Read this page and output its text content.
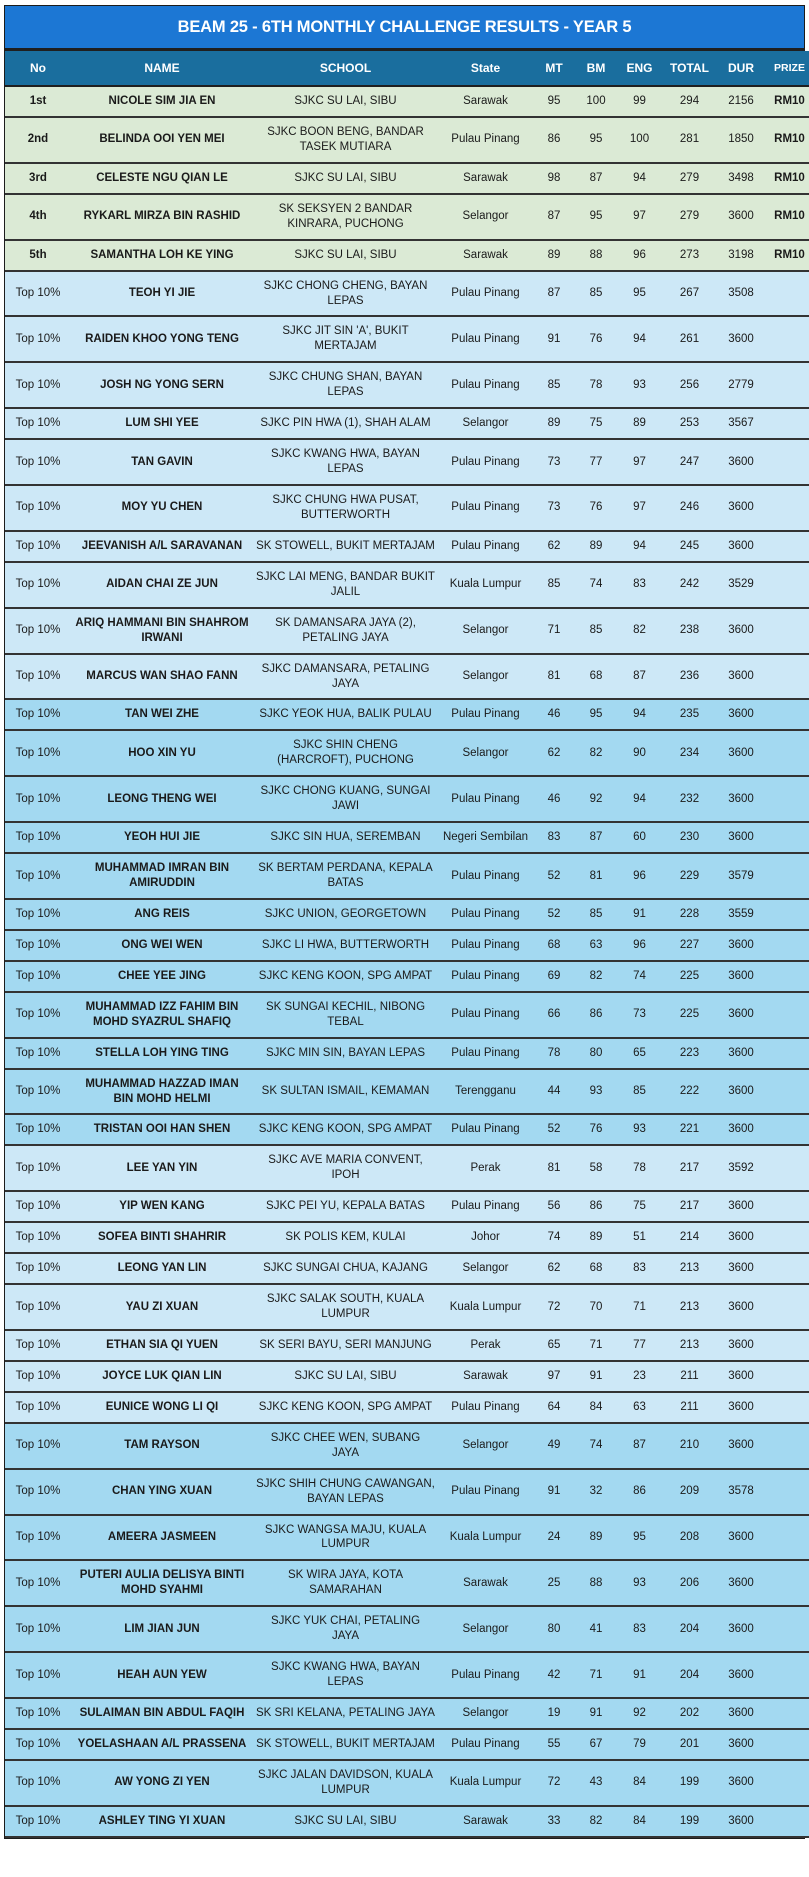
BEAM 25 - 6TH MONTHLY CHALLENGE RESULTS - YEAR 5
No	NAME	SCHOOL	State	MT	BM	ENG	TOTAL	DUR	PRIZE
1st	NICOLE SIM JIA EN	SJKC SU LAI, SIBU	Sarawak	95	100	99	294	2156	RM10
2nd	BELINDA OOI YEN MEI	SJKC BOON BENG, BANDAR TASEK MUTIARA	Pulau Pinang	86	95	100	281	1850	RM10
3rd	CELESTE NGU QIAN LE	SJKC SU LAI, SIBU	Sarawak	98	87	94	279	3498	RM10
4th	RYKARL MIRZA BIN RASHID	SK SEKSYEN 2 BANDAR KINRARA, PUCHONG	Selangor	87	95	97	279	3600	RM10
5th	SAMANTHA LOH KE YING	SJKC SU LAI, SIBU	Sarawak	89	88	96	273	3198	RM10
Top 10%	TEOH YI JIE	SJKC CHONG CHENG, BAYAN LEPAS	Pulau Pinang	87	85	95	267	3508	
Top 10%	RAIDEN KHOO YONG TENG	SJKC JIT SIN 'A', BUKIT MERTAJAM	Pulau Pinang	91	76	94	261	3600	
Top 10%	JOSH NG YONG SERN	SJKC CHUNG SHAN, BAYAN LEPAS	Pulau Pinang	85	78	93	256	2779	
Top 10%	LUM SHI YEE	SJKC PIN HWA (1), SHAH ALAM	Selangor	89	75	89	253	3567	
Top 10%	TAN GAVIN	SJKC KWANG HWA, BAYAN LEPAS	Pulau Pinang	73	77	97	247	3600	
Top 10%	MOY YU CHEN	SJKC CHUNG HWA PUSAT, BUTTERWORTH	Pulau Pinang	73	76	97	246	3600	
Top 10%	JEEVANISH A/L SARAVANAN	SK STOWELL, BUKIT MERTAJAM	Pulau Pinang	62	89	94	245	3600	
Top 10%	AIDAN CHAI ZE JUN	SJKC LAI MENG, BANDAR BUKIT JALIL	Kuala Lumpur	85	74	83	242	3529	
Top 10%	ARIQ HAMMANI BIN SHAHROM IRWANI	SK DAMANSARA JAYA (2), PETALING JAYA	Selangor	71	85	82	238	3600	
Top 10%	MARCUS WAN SHAO FANN	SJKC DAMANSARA, PETALING JAYA	Selangor	81	68	87	236	3600	
Top 10%	TAN WEI ZHE	SJKC YEOK HUA, BALIK PULAU	Pulau Pinang	46	95	94	235	3600	
Top 10%	HOO XIN YU	SJKC SHIN CHENG (HARCROFT), PUCHONG	Selangor	62	82	90	234	3600	
Top 10%	LEONG THENG WEI	SJKC CHONG KUANG, SUNGAI JAWI	Pulau Pinang	46	92	94	232	3600	
Top 10%	YEOH HUI JIE	SJKC SIN HUA, SEREMBAN	Negeri Sembilan	83	87	60	230	3600	
Top 10%	MUHAMMAD IMRAN BIN AMIRUDDIN	SK BERTAM PERDANA, KEPALA BATAS	Pulau Pinang	52	81	96	229	3579	
Top 10%	ANG REIS	SJKC UNION, GEORGETOWN	Pulau Pinang	52	85	91	228	3559	
Top 10%	ONG WEI WEN	SJKC LI HWA, BUTTERWORTH	Pulau Pinang	68	63	96	227	3600	
Top 10%	CHEE YEE JING	SJKC KENG KOON, SPG AMPAT	Pulau Pinang	69	82	74	225	3600	
Top 10%	MUHAMMAD IZZ FAHIM BIN MOHD SYAZRUL SHAFIQ	SK SUNGAI KECHIL, NIBONG TEBAL	Pulau Pinang	66	86	73	225	3600	
Top 10%	STELLA LOH YING TING	SJKC MIN SIN, BAYAN LEPAS	Pulau Pinang	78	80	65	223	3600	
Top 10%	MUHAMMAD HAZZAD IMAN BIN MOHD HELMI	SK SULTAN ISMAIL, KEMAMAN	Terengganu	44	93	85	222	3600	
Top 10%	TRISTAN OOI HAN SHEN	SJKC KENG KOON, SPG AMPAT	Pulau Pinang	52	76	93	221	3600	
Top 10%	LEE YAN YIN	SJKC AVE MARIA CONVENT, IPOH	Perak	81	58	78	217	3592	
Top 10%	YIP WEN KANG	SJKC PEI YU, KEPALA BATAS	Pulau Pinang	56	86	75	217	3600	
Top 10%	SOFEA BINTI SHAHRIR	SK POLIS KEM, KULAI	Johor	74	89	51	214	3600	
Top 10%	LEONG YAN LIN	SJKC SUNGAI CHUA, KAJANG	Selangor	62	68	83	213	3600	
Top 10%	YAU ZI XUAN	SJKC SALAK SOUTH, KUALA LUMPUR	Kuala Lumpur	72	70	71	213	3600	
Top 10%	ETHAN SIA QI YUEN	SK SERI BAYU, SERI MANJUNG	Perak	65	71	77	213	3600	
Top 10%	JOYCE LUK QIAN LIN	SJKC SU LAI, SIBU	Sarawak	97	91	23	211	3600	
Top 10%	EUNICE WONG LI QI	SJKC KENG KOON, SPG AMPAT	Pulau Pinang	64	84	63	211	3600	
Top 10%	TAM RAYSON	SJKC CHEE WEN, SUBANG JAYA	Selangor	49	74	87	210	3600	
Top 10%	CHAN YING XUAN	SJKC SHIH CHUNG CAWANGAN, BAYAN LEPAS	Pulau Pinang	91	32	86	209	3578	
Top 10%	AMEERA JASMEEN	SJKC WANGSA MAJU, KUALA LUMPUR	Kuala Lumpur	24	89	95	208	3600	
Top 10%	PUTERI AULIA DELISYA BINTI MOHD SYAHMI	SK WIRA JAYA, KOTA SAMARAHAN	Sarawak	25	88	93	206	3600	
Top 10%	LIM JIAN JUN	SJKC YUK CHAI, PETALING JAYA	Selangor	80	41	83	204	3600	
Top 10%	HEAH AUN YEW	SJKC KWANG HWA, BAYAN LEPAS	Pulau Pinang	42	71	91	204	3600	
Top 10%	SULAIMAN BIN ABDUL FAQIH	SK SRI KELANA, PETALING JAYA	Selangor	19	91	92	202	3600	
Top 10%	YOELASHAAN A/L PRASSENA	SK STOWELL, BUKIT MERTAJAM	Pulau Pinang	55	67	79	201	3600	
Top 10%	AW YONG ZI YEN	SJKC JALAN DAVIDSON, KUALA LUMPUR	Kuala Lumpur	72	43	84	199	3600	
Top 10%	ASHLEY TING YI XUAN	SJKC SU LAI, SIBU	Sarawak	33	82	84	199	3600	
